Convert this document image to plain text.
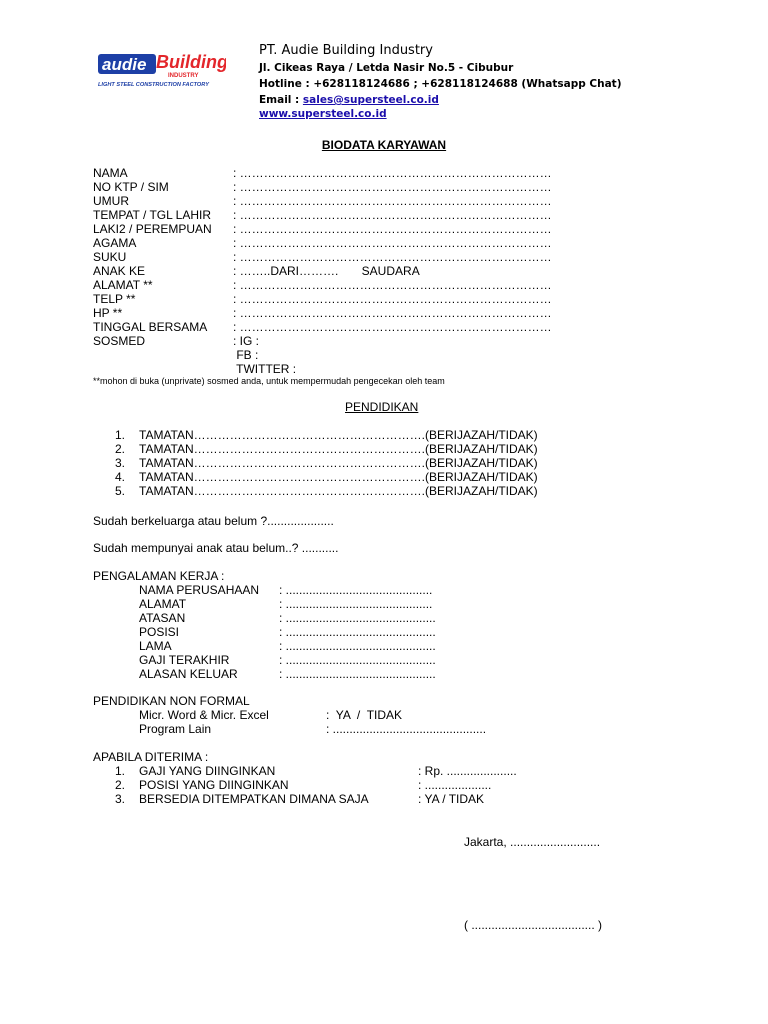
audie Building
INDUSTRY
LIGHT STEEL CONSTRUCTION FACTORY
PT. Audie Building Industry
Jl. Cikeas Raya / Letda Nasir No.5 - Cibubur
Hotline : +628118124686 ; +628118124688 (Whatsapp Chat)
Email : sales@supersteel.co.id
www.supersteel.co.id
BIODATA KARYAWAN
NAMA	: ……………………………………………………………………
NO KTP / SIM	: ……………………………………………………………………
UMUR	: ……………………………………………………………………
TEMPAT / TGL LAHIR : ……………………………………………………………………
LAKI2 / PEREMPUAN : ……………………………………………………………………
AGAMA	: ……………………………………………………………………
SUKU	: ……………………………………………………………………
ANAK KE	: ……..DARI……….       SAUDARA
ALAMAT **	: ……………………………………………………………………
TELP **	: ……………………………………………………………………
HP **	: ……………………………………………………………………
TINGGAL BERSAMA : ……………………………………………………………………
SOSMED	: IG :
FB :
TWITTER :
**mohon di buka (unprivate) sosmed anda, untuk mempermudah pengecekan oleh team
PENDIDIKAN
1. TAMATAN………………………………………………….(BERIJAZAH/TIDAK)
2. TAMATAN………………………………………………….(BERIJAZAH/TIDAK)
3. TAMATAN………………………………………………….(BERIJAZAH/TIDAK)
4. TAMATAN………………………………………………….(BERIJAZAH/TIDAK)
5. TAMATAN………………………………………………….(BERIJAZAH/TIDAK)
Sudah berkeluarga atau belum ?....................
Sudah mempunyai anak atau belum..? ...........
PENGALAMAN KERJA :
NAMA PERUSAHAAN : ............................................
ALAMAT	: ............................................
ATASAN	: .............................................
POSISI	: .............................................
LAMA	: .............................................
GAJI TERAKHIR	: .............................................
ALASAN KELUAR	: .............................................
PENDIDIKAN NON FORMAL
Micr. Word & Micr. Excel	:  YA  /  TIDAK
Program Lain	: ..............................................
APABILA DITERIMA :
1. GAJI YANG DIINGINKAN	: Rp. .....................
2. POSISI YANG DIINGINKAN	: ....................
3. BERSEDIA DITEMPATKAN DIMANA SAJA	: YA / TIDAK
Jakarta, ...........................
( ..................................... )
